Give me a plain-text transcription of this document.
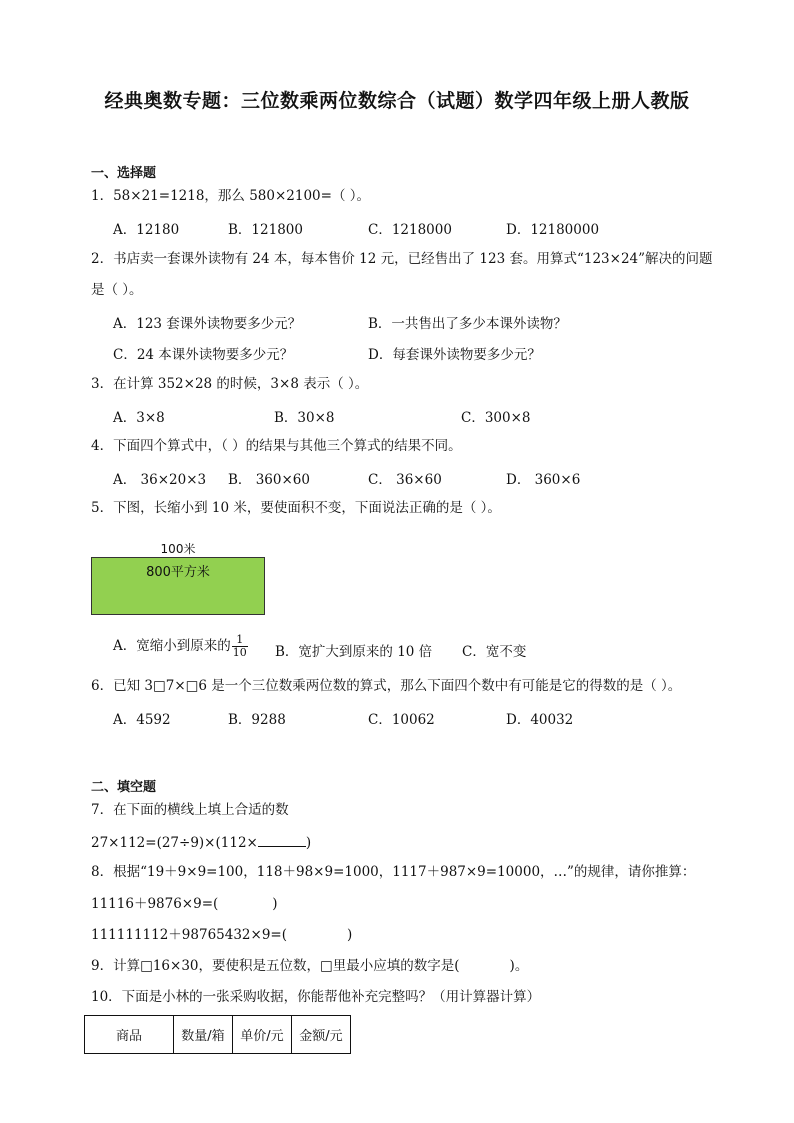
经典奥数专题：三位数乘两位数综合（试题）数学四年级上册人教版
一、选择题
1．58×21=1218，那么 580×2100=（ ）。
A．12180	B．121800	C．1218000	D．12180000
2．书店卖一套课外读物有 24 本，每本售价 12 元，已经售出了 123 套。用算式“123×24”解决的问题
是（ ）。
A．123 套课外读物要多少元？	B．一共售出了多少本课外读物？
C．24 本课外读物要多少元？	D．每套课外读物要多少元？
3．在计算 352×28 的时候，3×8 表示（ ）。
A．3×8	B．30×8	C．300×8
4．下面四个算式中，（ ）的结果与其他三个算式的结果不同。
A． 36×20×3 B． 360×60	C． 36×60	D． 360×6
5．下图，长缩小到 10 米，要使面积不变，下面说法正确的是（ ）。
100米
800平方米
A．宽缩小到原来的 $\frac{1}{10}$ B．宽扩大到原来的 10 倍 C．宽不变
6．已知 3□7×□6 是一个三位数乘两位数的算式，那么下面四个数中有可能是它的得数的是（ ）。
A．4592	B．9288	C．10062	D．40032
二、填空题
7．在下面的横线上填上合适的数
27×112=(27÷9)×(112×	)
8．根据“19＋9×9=100，118＋98×9=1000，1117＋987×9=10000，…”的规律，请你推算：
11116＋9876×9=(	)
111111112＋98765432×9=(	)
9．计算□16×30，要使积是五位数，□里最小应填的数字是(	)。
10．下面是小林的一张采购收据，你能帮他补充完整吗？（用计算器计算）
商品	数量/箱	单价/元	金额/元
